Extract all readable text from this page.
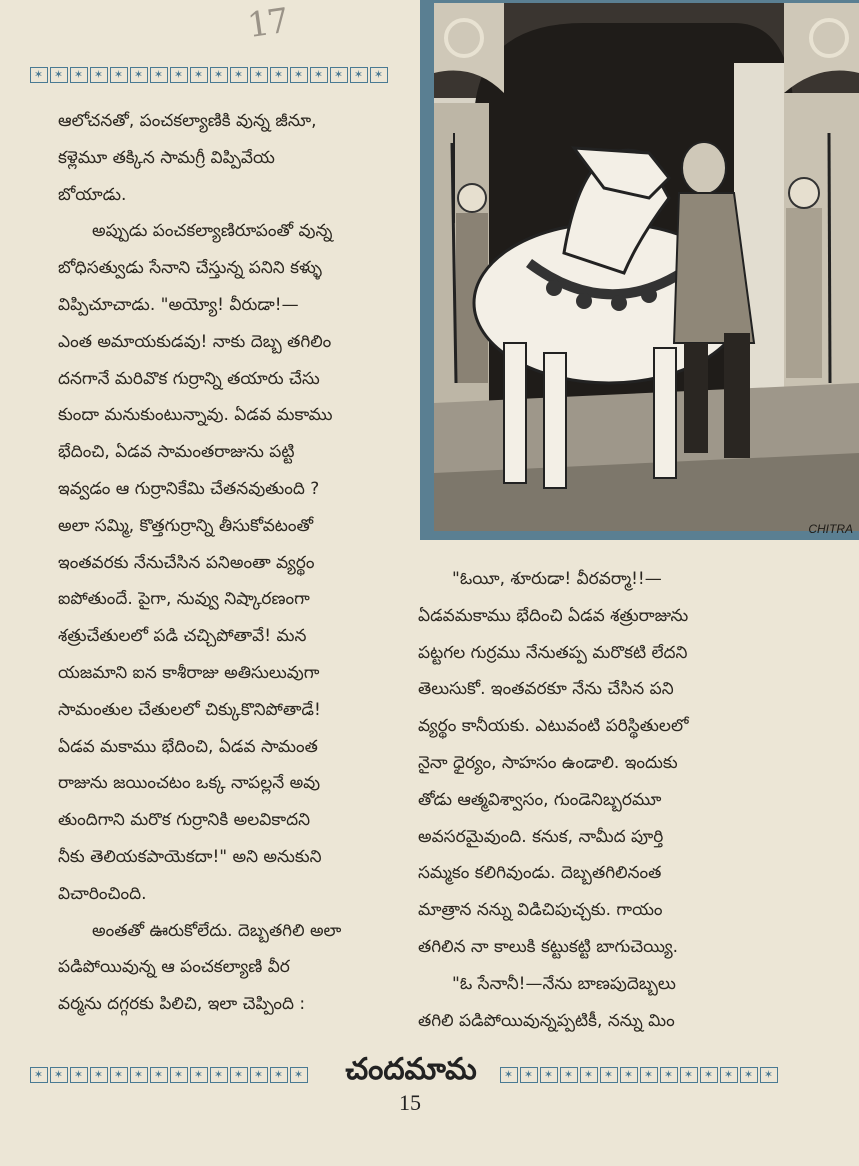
17
✶ ✶ ✶ ✶ ✶ ✶ ✶ ✶ ✶ ✶ ✶ ✶ ✶ ✶ ✶ ✶ ✶ ✶
CHITRA
ఆలోచనతో, పంచకల్యాణికి వున్న జీనూ,
కళ్లెమూ తక్కిన సామగ్రీ విప్పివేయ
బోయాడు.
అప్పుడు పంచకల్యాణిరూపంతో వున్న
బోధిసత్వుడు సేనాని చేస్తున్న పనిని కళ్ళు
విప్పిచూచాడు. "అయ్యో! వీరుడా!—
ఎంత అమాయకుడవు! నాకు దెబ్బ తగిలిం
దనగానే మరివొక గుర్రాన్ని తయారు చేసు
కుందా మనుకుంటున్నావు. ఏడవ మకాము
భేదించి, ఏడవ సామంతరాజును పట్టి
ఇవ్వడం ఆ గుర్రానికేమి చేతనవుతుంది ?
అలా సమ్మి, కొత్తగుర్రాన్ని తీసుకోవటంతో
ఇంతవరకు నేనుచేసిన పనిఅంతా వ్యర్థం
ఐపోతుందే. పైగా, నువ్వు నిష్కారణంగా
శత్రుచేతులలో పడి చచ్చిపోతావే! మన
యజమాని ఐన కాశీరాజు అతిసులువుగా
సామంతుల చేతులలో చిక్కుకొనిపోతాడే!
ఏడవ మకాము భేదించి, ఏడవ సామంత
రాజును జయించటం ఒక్క నాపల్లనే అవు
తుందిగాని మరొక గుర్రానికి అలవికాదని
నీకు తెలియకపాయెకదా!" అని అనుకుని
విచారించింది.
అంతతో ఊరుకోలేదు. దెబ్బతగిలి అలా
పడిపోయివున్న ఆ పంచకల్యాణి వీర
వర్మను దగ్గరకు పిలిచి, ఇలా చెప్పింది :
"ఓయీ, శూరుడా! వీరవర్మా!!—
ఏడవమకాము భేదించి ఏడవ శత్రురాజును
పట్టగల గుర్రము నేనుతప్ప మరొకటి లేదని
తెలుసుకో. ఇంతవరకూ నేను చేసిన పని
వ్యర్థం కానీయకు. ఎటువంటి పరిస్థితులలో
నైనా ధైర్యం, సాహసం ఉండాలి. ఇందుకు
తోడు ఆత్మవిశ్వాసం, గుండెనిబ్బరమూ
అవసరమైవుంది. కనుక, నామీద పూర్తి
సమ్మకం కలిగివుండు. దెబ్బతగిలినంత
మాత్రాన నన్ను విడిచిపుచ్చకు. గాయం
తగిలిన నా కాలుకి కట్టుకట్టి బాగుచెయ్యి.
"ఓ సేనానీ!—నేను బాణపుదెబ్బలు
తగిలి పడిపోయివున్నప్పటికీ, నన్ను మిం
✶ ✶ ✶ ✶ ✶ ✶ ✶ ✶ ✶ ✶ ✶ ✶ ✶ ✶	చందమామ	✶ ✶ ✶ ✶ ✶ ✶ ✶ ✶ ✶ ✶ ✶ ✶ ✶ ✶
15
